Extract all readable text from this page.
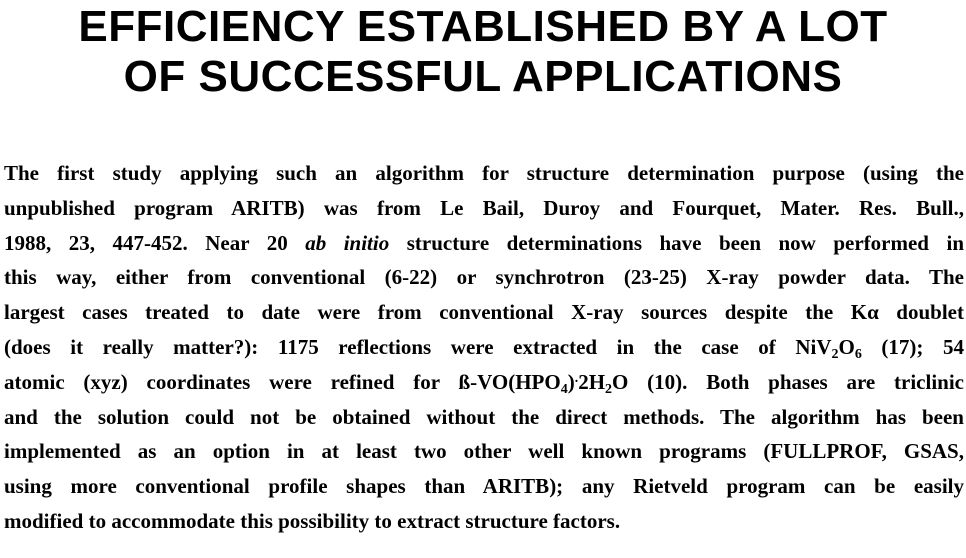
EFFICIENCY ESTABLISHED BY A LOT
OF SUCCESSFUL APPLICATIONS
The first study applying such an algorithm for structure determination purpose (using the
unpublished program ARITB) was from Le Bail, Duroy and Fourquet, Mater. Res. Bull.,
1988, 23, 447-452. Near 20 ab initio structure determinations have been now performed in
this way, either from conventional (6-22) or synchrotron (23-25) X-ray powder data. The
largest cases treated to date were from conventional X-ray sources despite the Kα doublet
(does it really matter?): 1175 reflections were extracted in the case of $NiV_2O_6$ (17); 54
atomic (xyz) coordinates were refined for $ß-VO(HPO_4)^.2H_2O$ (10). Both phases are triclinic
and the solution could not be obtained without the direct methods. The algorithm has been
implemented as an option in at least two other well known programs (FULLPROF, GSAS,
using more conventional profile shapes than ARITB); any Rietveld program can be easily
modified to accommodate this possibility to extract structure factors.
